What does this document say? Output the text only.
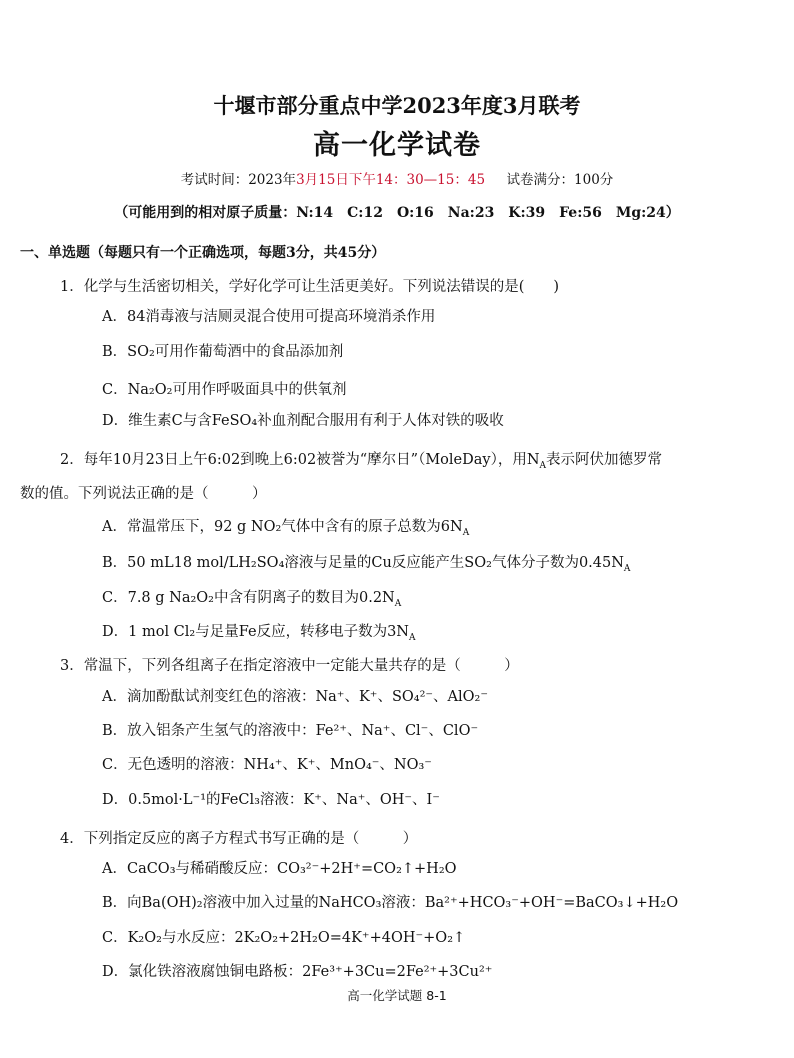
十堰市部分重点中学2023年度3月联考
高一化学试卷
考试时间：2023年3月15日下午14：30—15：45 试卷满分：100分
（可能用到的相对原子质量：N:14　C:12　O:16　Na:23　K:39　Fe:56　Mg:24）
一、单选题（每题只有一个正确选项，每题3分，共45分）
1．化学与生活密切相关，学好化学可让生活更美好。下列说法错误的是(　　)
A．84消毒液与洁厕灵混合使用可提高环境消杀作用
B．SO₂可用作葡萄酒中的食品添加剂
C．Na₂O₂可用作呼吸面具中的供氧剂
D．维生素C与含FeSO₄补血剂配合服用有利于人体对铁的吸收
2．每年10月23日上午6:02到晚上6:02被誉为“摩尔日”（MoleDay），用$N_A$表示阿伏加德罗常
数的值。下列说法正确的是（　　　）
A．常温常压下，92 g NO₂气体中含有的原子总数为$6N_A$
B．50 mL18 mol/LH₂SO₄溶液与足量的Cu反应能产生SO₂气体分子数为$0.45N_A$
C．7.8 g Na₂O₂中含有阴离子的数目为$0.2N_A$
D．1 mol Cl₂与足量Fe反应，转移电子数为$3N_A$
3．常温下，下列各组离子在指定溶液中一定能大量共存的是（　　　）
A．滴加酚酞试剂变红色的溶液：Na⁺、K⁺、SO₄²⁻、AlO₂⁻
B．放入铝条产生氢气的溶液中：Fe²⁺、Na⁺、Cl⁻、ClO⁻
C．无色透明的溶液：NH₄⁺、K⁺、MnO₄⁻、NO₃⁻
D．0.5mol·L⁻¹的FeCl₃溶液：K⁺、Na⁺、OH⁻、I⁻
4．下列指定反应的离子方程式书写正确的是（　　　）
A．CaCO₃与稀硝酸反应：CO₃²⁻+2H⁺=CO₂↑+H₂O
B．向Ba(OH)₂溶液中加入过量的NaHCO₃溶液：Ba²⁺+HCO₃⁻+OH⁻=BaCO₃↓+H₂O
C．K₂O₂与水反应：2K₂O₂+2H₂O=4K⁺+4OH⁻+O₂↑
D．氯化铁溶液腐蚀铜电路板：2Fe³⁺+3Cu=2Fe²⁺+3Cu²⁺
高一化学试题 8-1
